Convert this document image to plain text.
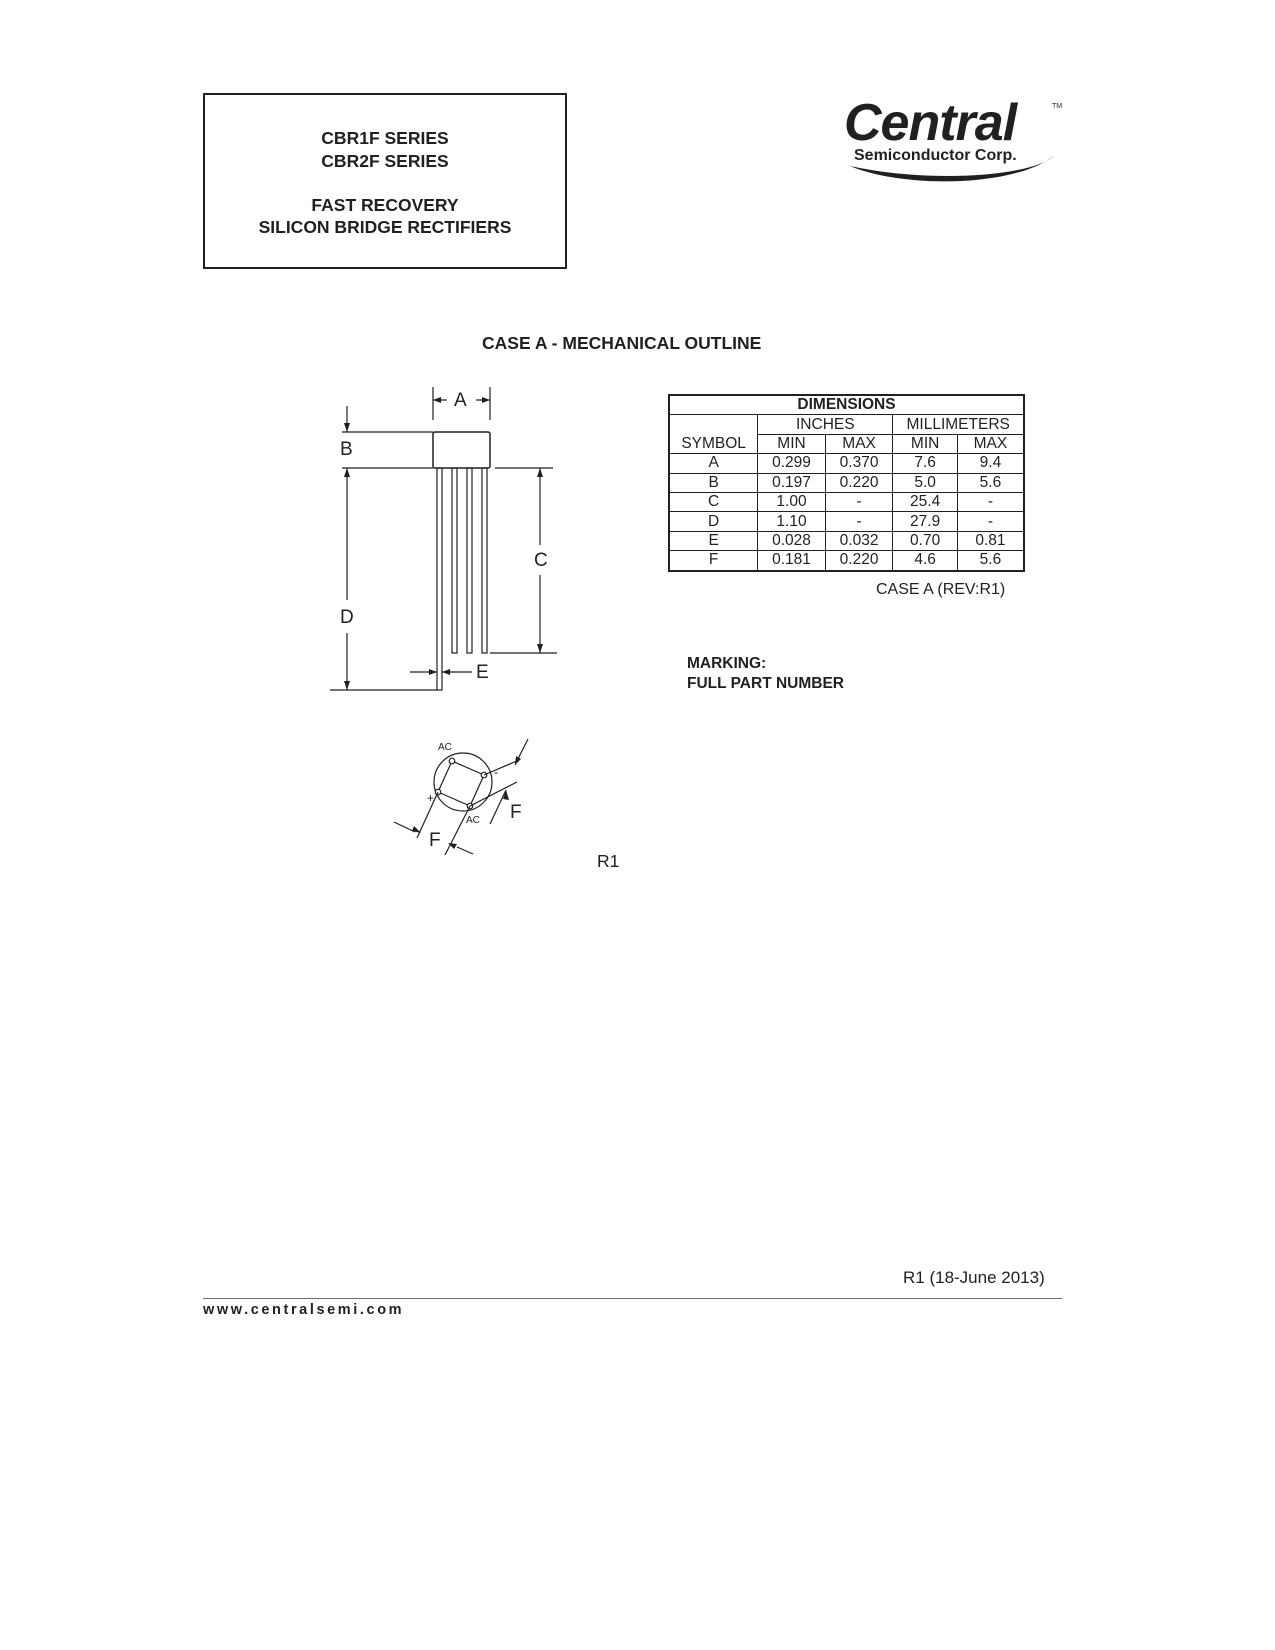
CBR1F SERIES
CBR2F SERIES
FAST RECOVERY
SILICON BRIDGE RECTIFIERS
Central
Semiconductor Corp.
TM
CASE A - MECHANICAL OUTLINE
A
B
C
D
E
AC
-
+
AC F
F
DIMENSIONS				
	INCHES		MILLIMETERS	
SYMBOL	MIN	MAX	MIN	MAX
A	0.299	0.370	7.6	9.4
B	0.197	0.220	5.0	5.6
C	1.00	-	25.4	-
D	1.10	-	27.9	-
E	0.028	0.032	0.70	0.81
F	0.181	0.220	4.6	5.6
CASE A (REV:R1)
MARKING:
FULL PART NUMBER
R1
R1 (18-June 2013)
www.centralsemi.com
